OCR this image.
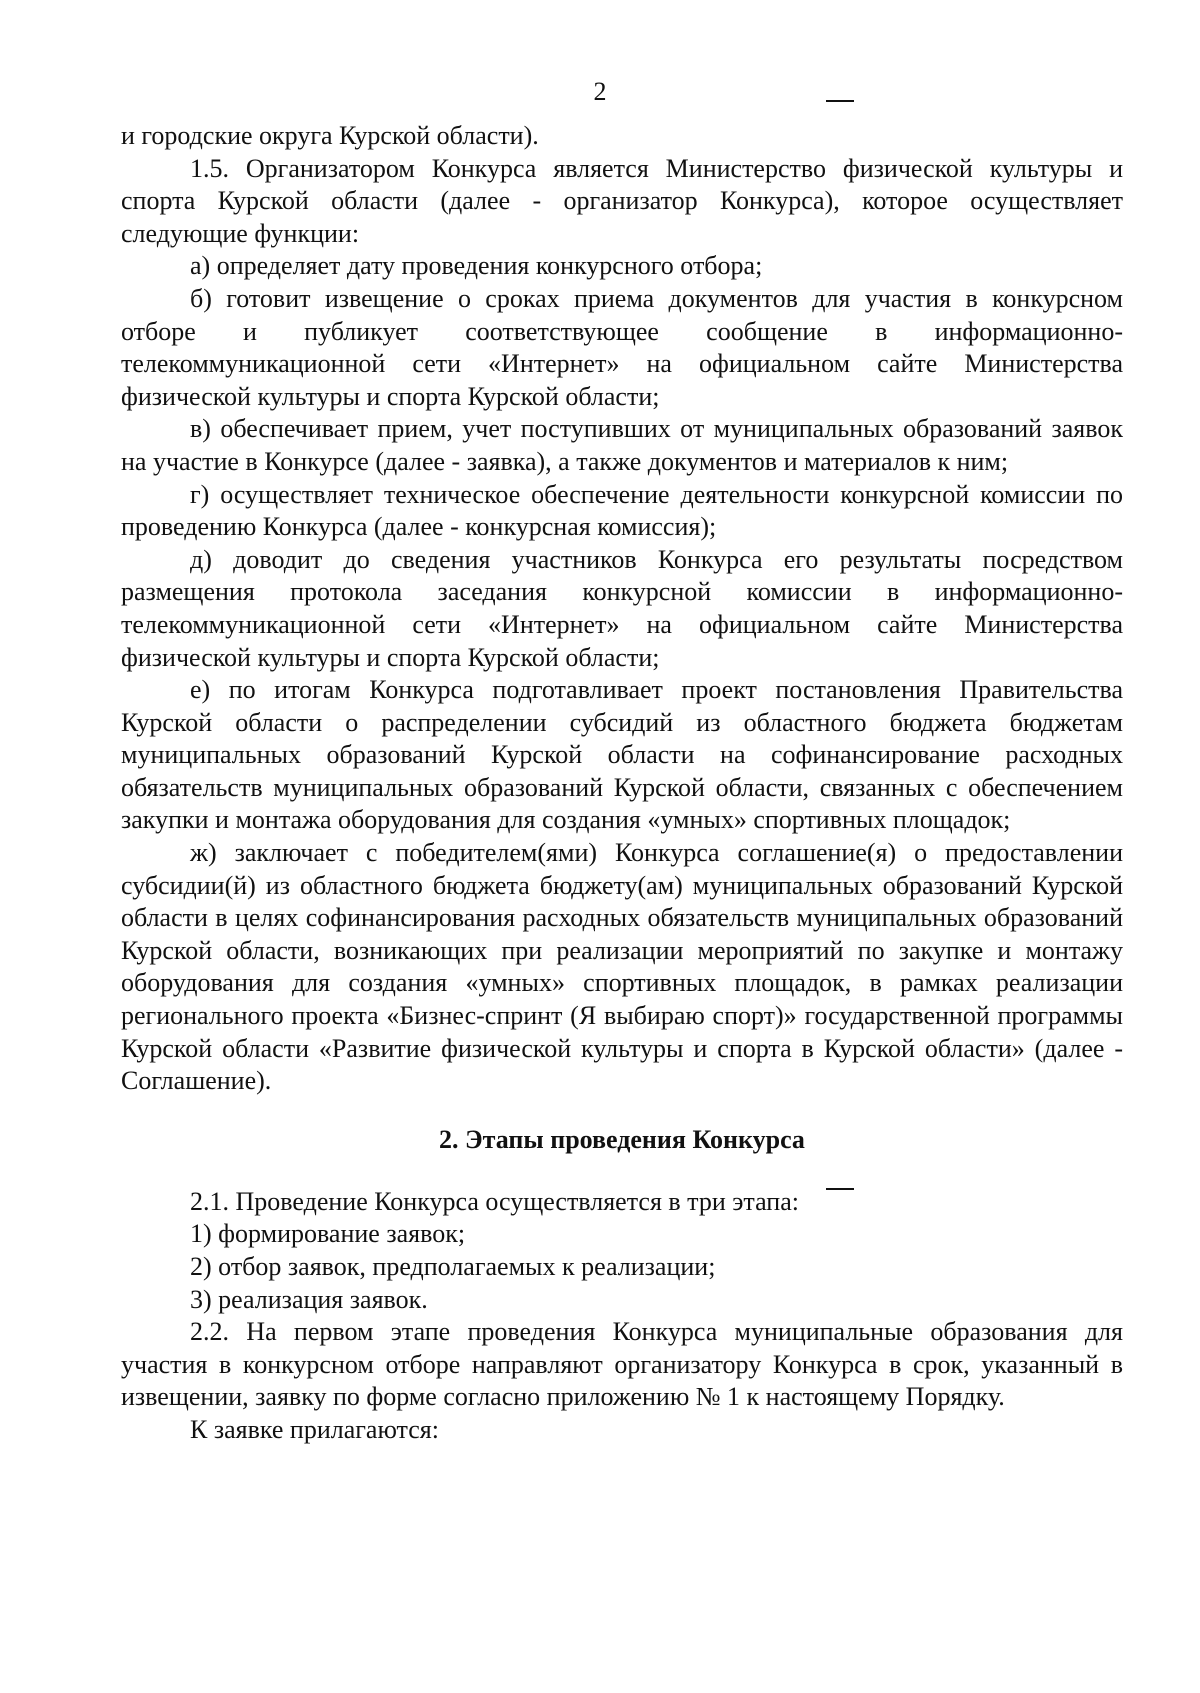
2

и городские округа Курской области).

1.5. Организатором Конкурса является Министерство физической культуры и спорта Курской области (далее - организатор Конкурса), которое осуществляет следующие функции:

а) определяет дату проведения конкурсного отбора;

б) готовит извещение о сроках приема документов для участия в конкурсном отборе и публикует соответствующее сообщение в информационно-телекоммуникационной сети «Интернет» на официальном сайте Министерства физической культуры и спорта Курской области;

в) обеспечивает прием, учет поступивших от муниципальных образований заявок на участие в Конкурсе (далее - заявка), а также документов и материалов к ним;

г) осуществляет техническое обеспечение деятельности конкурсной комиссии по проведению Конкурса (далее - конкурсная комиссия);

д) доводит до сведения участников Конкурса его результаты посредством размещения протокола заседания конкурсной комиссии в информационно-телекоммуникационной сети «Интернет» на официальном сайте Министерства физической культуры и спорта Курской области;

е) по итогам Конкурса подготавливает проект постановления Правительства Курской области о распределении субсидий из областного бюджета бюджетам муниципальных образований Курской области на софинансирование расходных обязательств муниципальных образований Курской области, связанных с обеспечением закупки и монтажа оборудования для создания «умных» спортивных площадок;

ж) заключает с победителем(ями) Конкурса соглашение(я) о предоставлении субсидии(й) из областного бюджета бюджету(ам) муниципальных образований Курской области в целях софинансирования расходных обязательств муниципальных образований Курской области, возникающих при реализации мероприятий по закупке и монтажу оборудования для создания «умных» спортивных площадок, в рамках реализации регионального проекта «Бизнес-спринт (Я выбираю спорт)» государственной программы Курской области «Развитие физической культуры и спорта в Курской области» (далее - Соглашение).

2. Этапы проведения Конкурса

2.1. Проведение Конкурса осуществляется в три этапа:

1) формирование заявок;

2) отбор заявок, предполагаемых к реализации;

3) реализация заявок.

2.2. На первом этапе проведения Конкурса муниципальные образования для участия в конкурсном отборе направляют организатору Конкурса в срок, указанный в извещении, заявку по форме согласно приложению № 1 к настоящему Порядку.

К заявке прилагаются:
